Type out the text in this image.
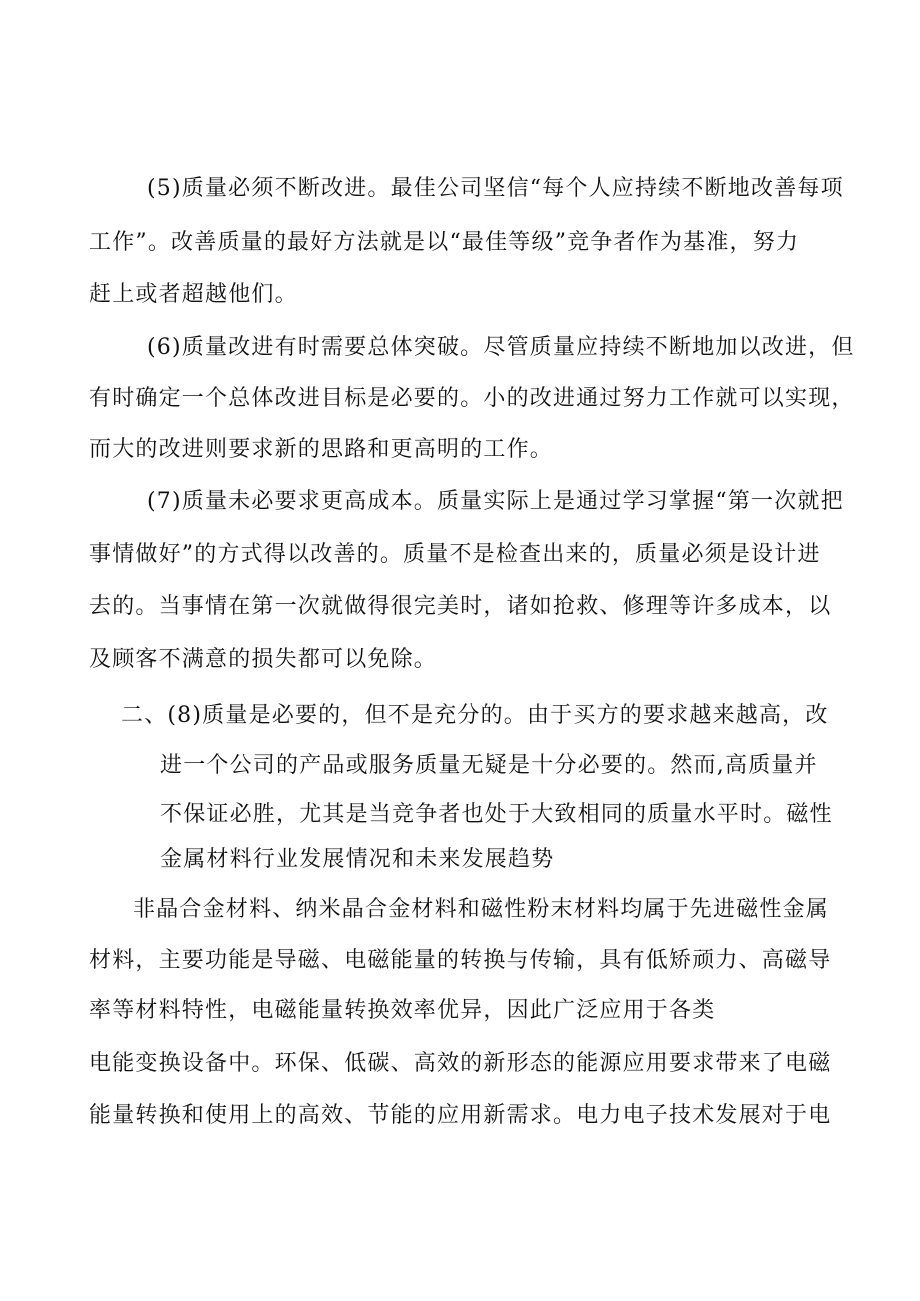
(5)质量必须不断改进。最佳公司坚信“每个人应持续不断地改善每项
工作”。改善质量的最好方法就是以“最佳等级”竞争者作为基准，努力
赶上或者超越他们。
(6)质量改进有时需要总体突破。尽管质量应持续不断地加以改进，但
有时确定一个总体改进目标是必要的。小的改进通过努力工作就可以实现，
而大的改进则要求新的思路和更高明的工作。
(7)质量未必要求更高成本。质量实际上是通过学习掌握“第一次就把
事情做好”的方式得以改善的。质量不是检查出来的，质量必须是设计进
去的。当事情在第一次就做得很完美时，诸如抢救、修理等许多成本，以
及顾客不满意的损失都可以免除。
二、(8)质量是必要的，但不是充分的。由于买方的要求越来越高，改
进一个公司的产品或服务质量无疑是十分必要的。然而,高质量并
不保证必胜，尤其是当竞争者也处于大致相同的质量水平时。磁性
金属材料行业发展情况和未来发展趋势
非晶合金材料、纳米晶合金材料和磁性粉末材料均属于先进磁性金属
材料，主要功能是导磁、电磁能量的转换与传输，具有低矫顽力、高磁导
率等材料特性，电磁能量转换效率优异，因此广泛应用于各类
电能变换设备中。环保、低碳、高效的新形态的能源应用要求带来了电磁
能量转换和使用上的高效、节能的应用新需求。电力电子技术发展对于电
